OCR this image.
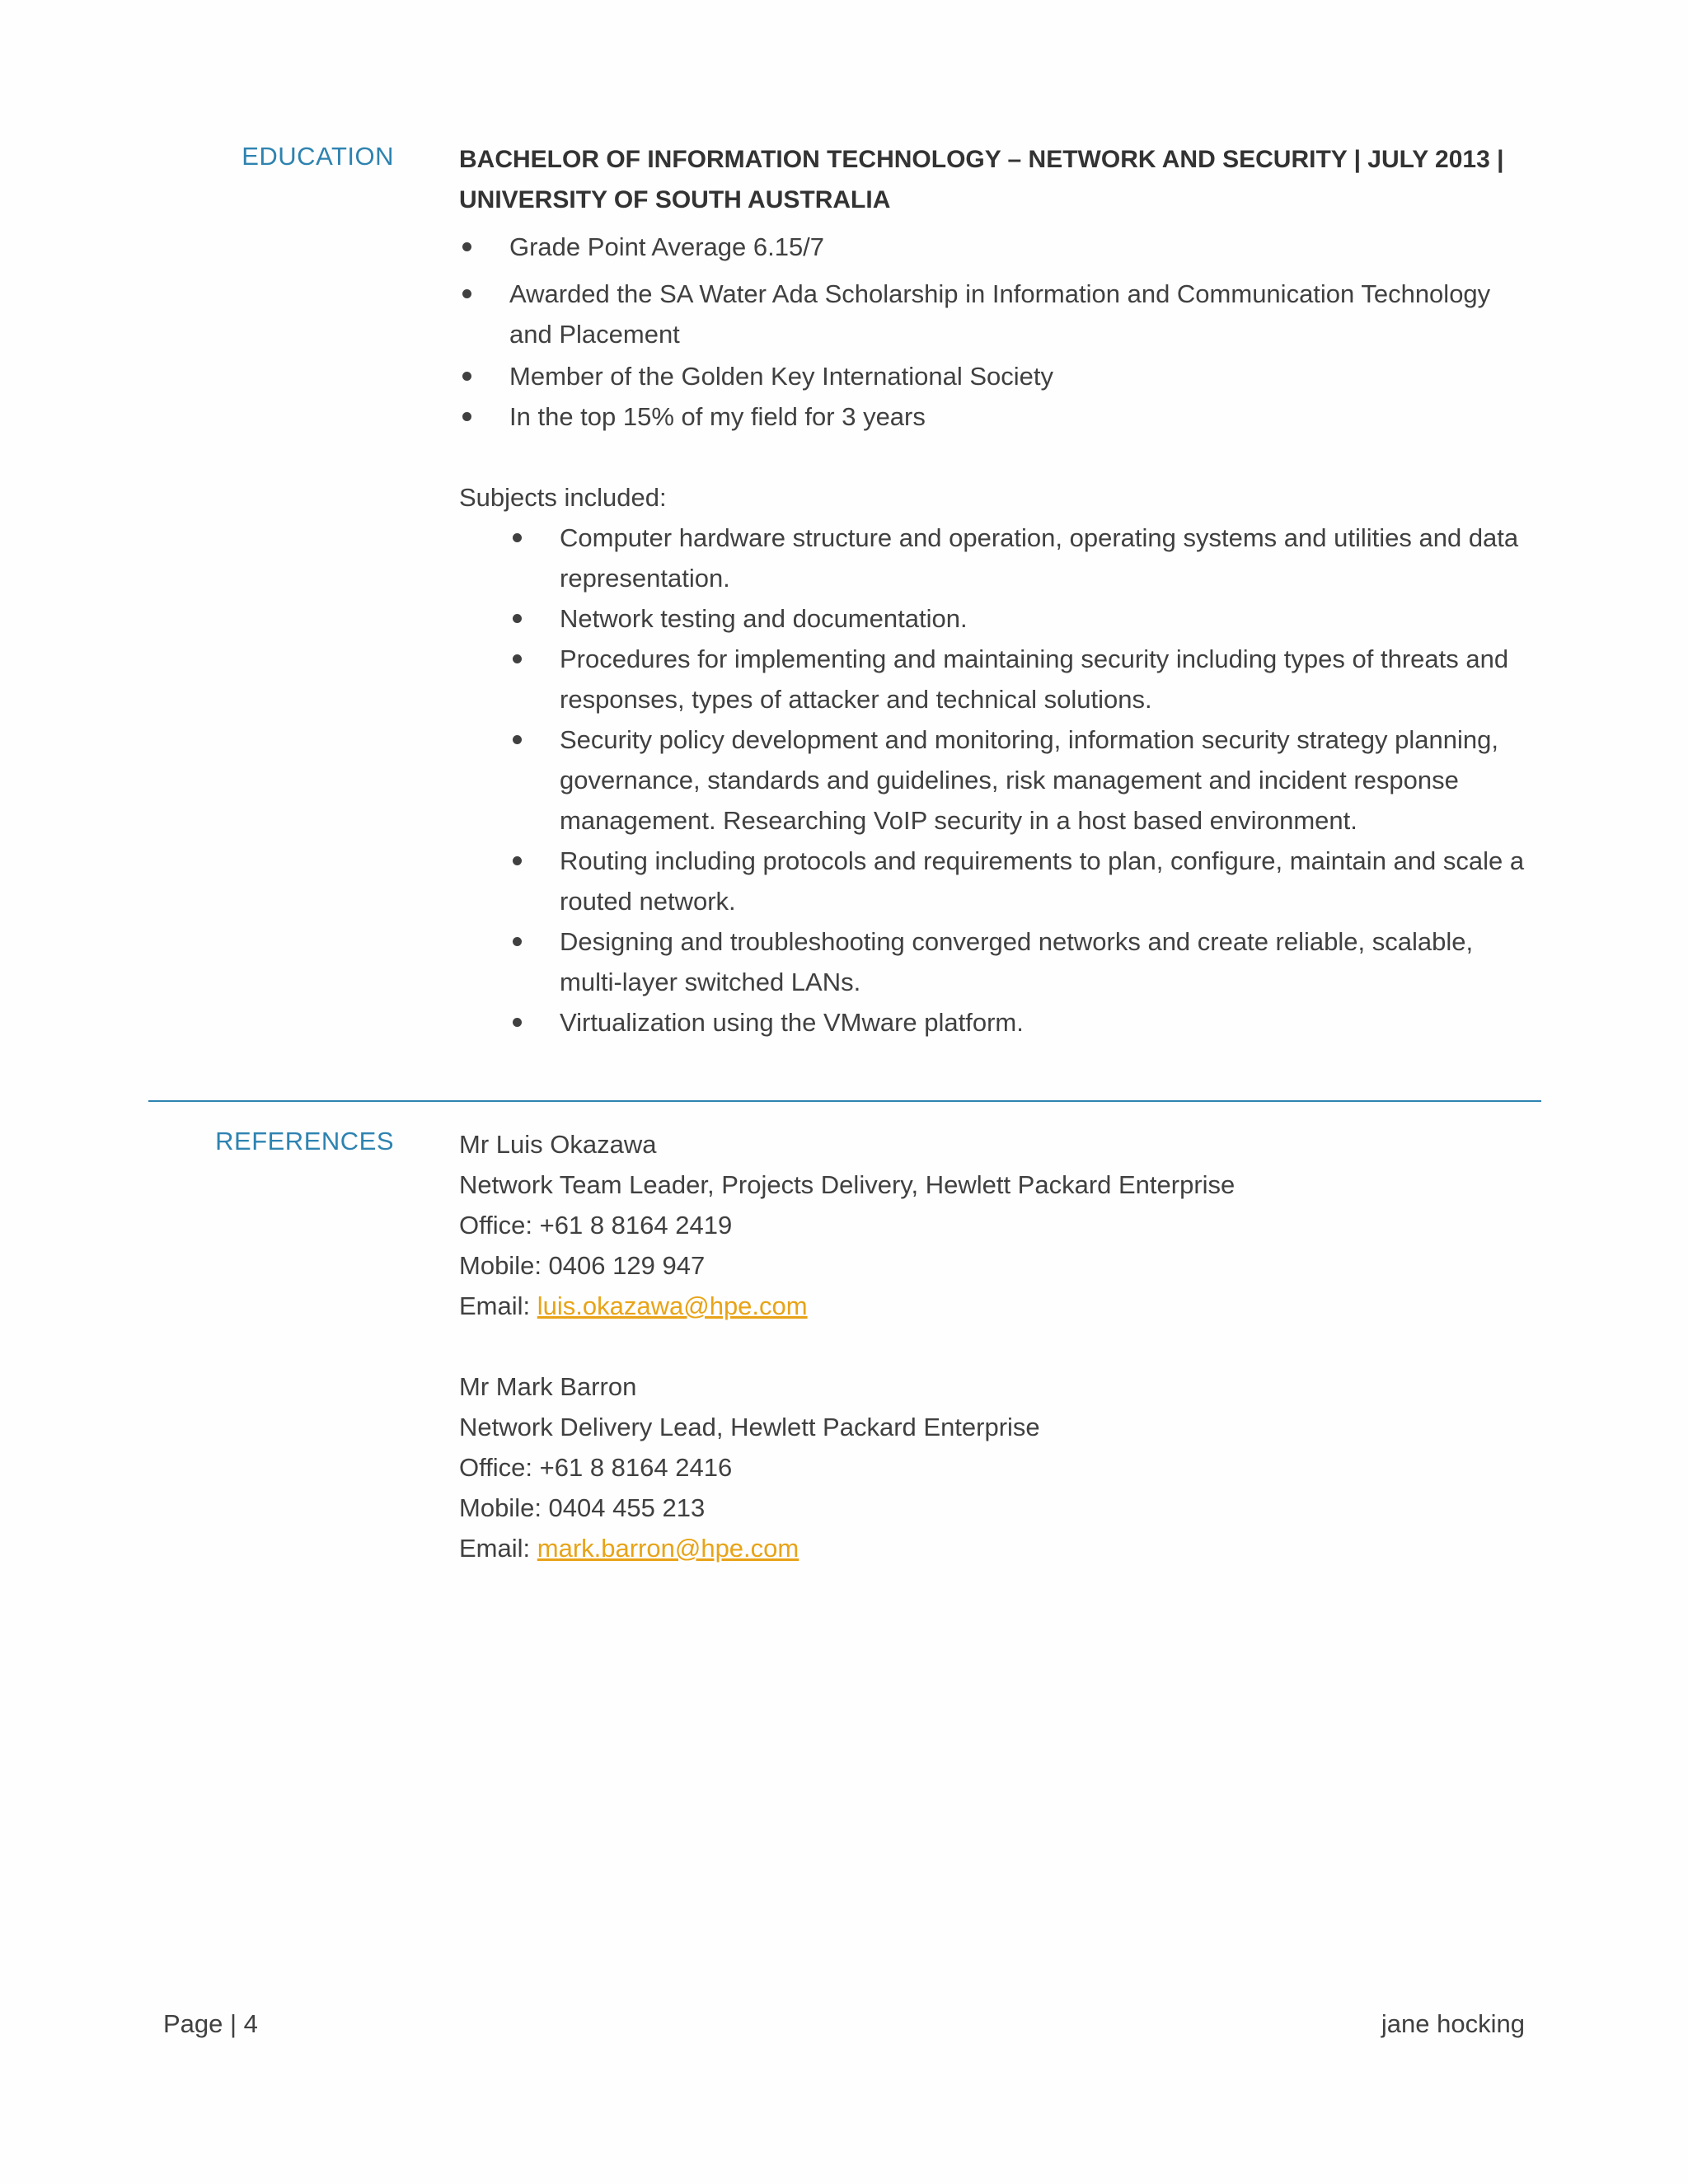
EDUCATION	BACHELOR OF INFORMATION TECHNOLOGY – NETWORK AND SECURITY | JULY 2013 |
UNIVERSITY OF SOUTH AUSTRALIA
Grade Point Average 6.15/7
Awarded the SA Water Ada Scholarship in Information and Communication Technology and Placement
Member of the Golden Key International Society
In the top 15% of my field for 3 years
Subjects included:
Computer hardware structure and operation, operating systems and utilities and data representation.
Network testing and documentation.
Procedures for implementing and maintaining security including types of threats and responses, types of attacker and technical solutions.
Security policy development and monitoring, information security strategy planning, governance, standards and guidelines, risk management and incident response management. Researching VoIP security in a host based environment.
Routing including protocols and requirements to plan, configure, maintain and scale a routed network.
Designing and troubleshooting converged networks and create reliable, scalable, multi-layer switched LANs.
Virtualization using the VMware platform.
REFERENCES	Mr Luis Okazawa
Network Team Leader, Projects Delivery, Hewlett Packard Enterprise
Office: +61 8 8164 2419
Mobile: 0406 129 947
Email: luis.okazawa@hpe.com
Mr Mark Barron
Network Delivery Lead, Hewlett Packard Enterprise
Office: +61 8 8164 2416
Mobile: 0404 455 213
Email: mark.barron@hpe.com
Page | 4	jane hocking
